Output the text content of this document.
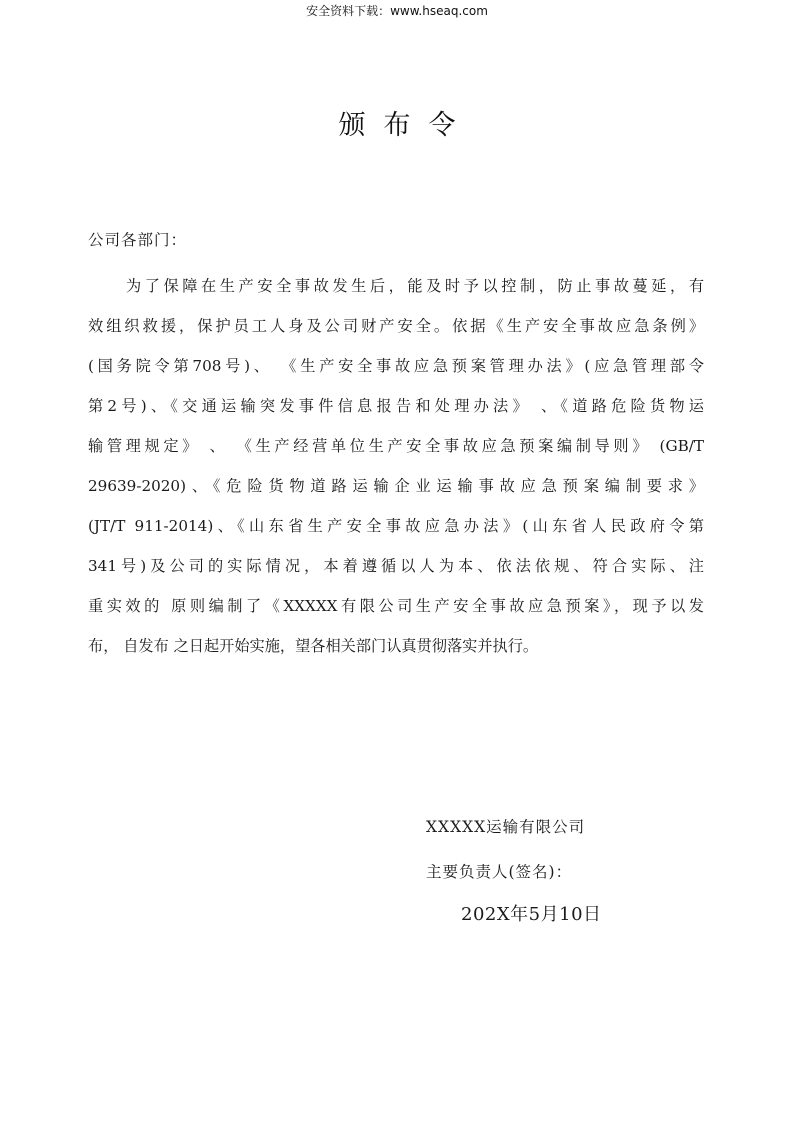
安全资料下载：www.hseaq.com
颁布令
公司各部门：
为了保障在生产安全事故发生后，能及时予以控制，防止事故蔓延，有
效组织救援，保护员工人身及公司财产安全。依据《生产安全事故应急条例》
(国务院令第708号)、 《生产安全事故应急预案管理办法》(应急管理部令
第2号)、《交通运输突发事件信息报告和处理办法》 、《道路危险货物运
输管理规定》 、 《生产经营单位生产安全事故应急预案编制导则》 (GB/T
29639-2020)、《危险货物道路运输企业运输事故应急预案编制要求》
(JT/T 911-2014)、《山东省生产安全事故应急办法》(山东省人民政府令第
341号)及公司的实际情况，本着遵循以人为本、依法依规、符合实际、注
重实效的 原则编制了《XXXXX有限公司生产安全事故应急预案》，现予以发
布， 自发布 之日起开始实施，望各相关部门认真贯彻落实并执行。
XXXXX运输有限公司
主要负责人(签名)：
202X年5月10日
